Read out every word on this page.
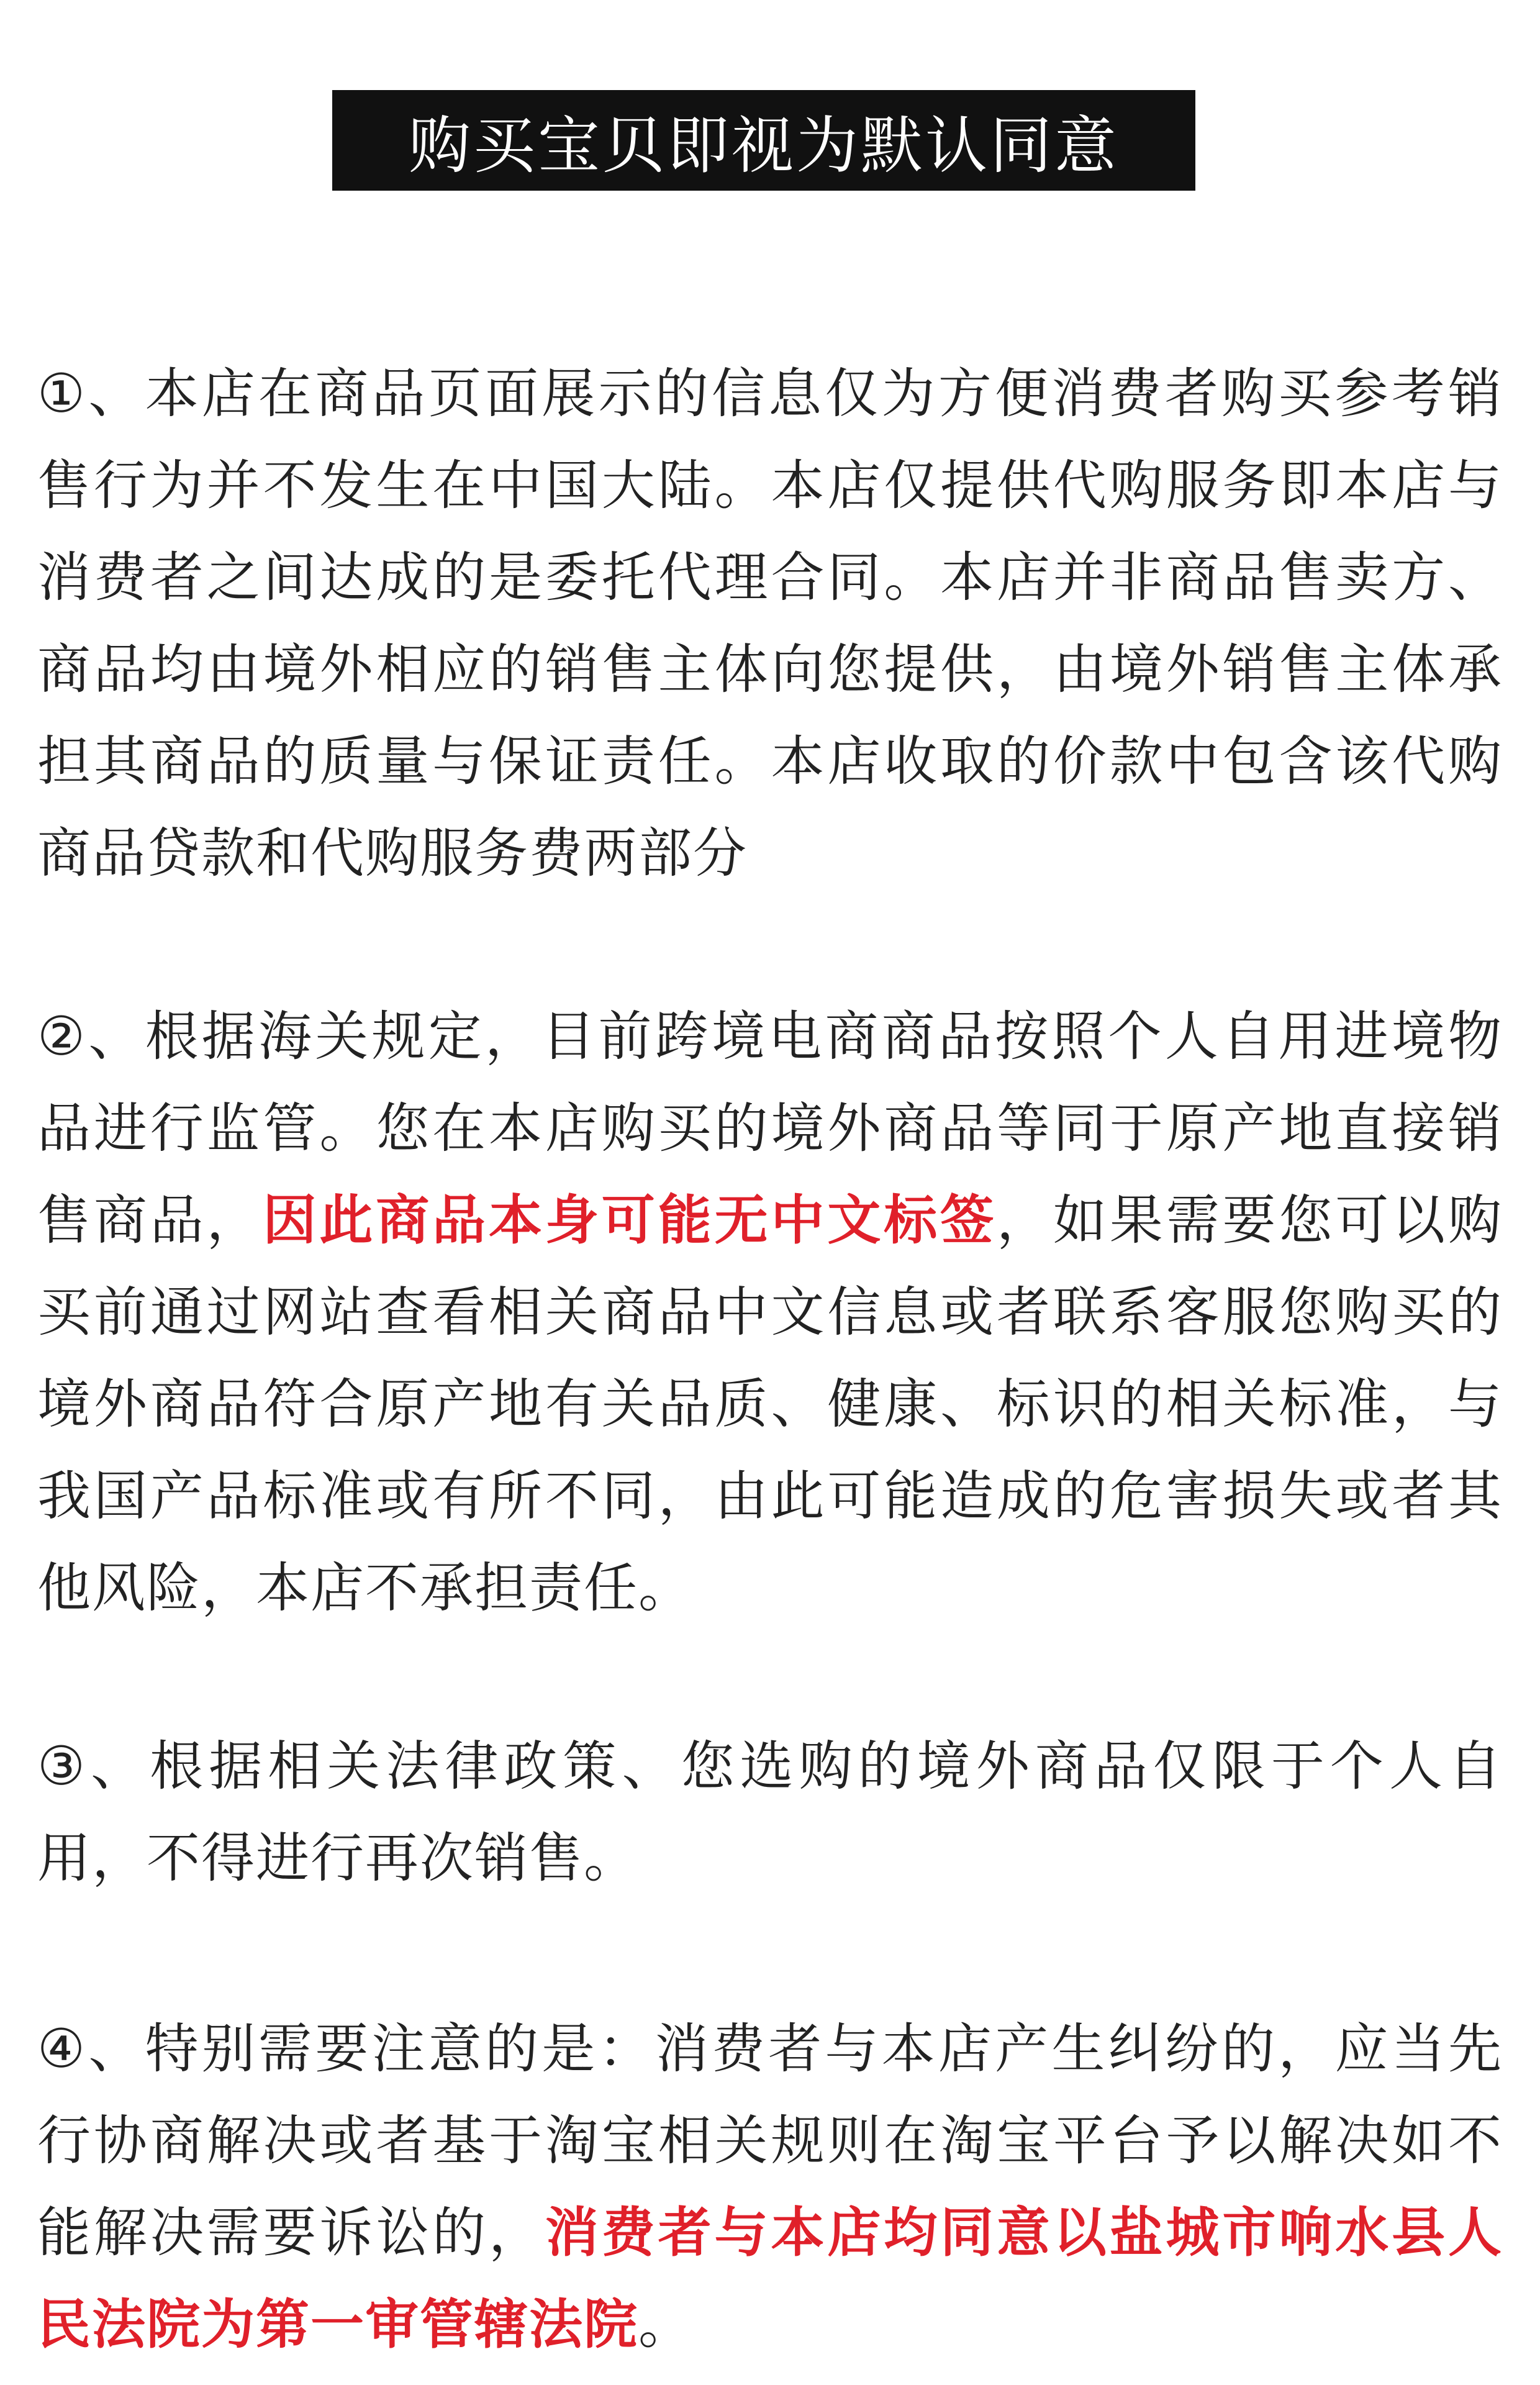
购买宝贝即视为默认同意

①、本店在商品页面展示的信息仅为方便消费者购买参考销售行为并不发生在中国大陆。本店仅提供代购服务即本店与消费者之间达成的是委托代理合同。本店并非商品售卖方、商品均由境外相应的销售主体向您提供，由境外销售主体承担其商品的质量与保证责任。本店收取的价款中包含该代购商品贷款和代购服务费两部分

②、根据海关规定，目前跨境电商商品按照个人自用进境物品进行监管。您在本店购买的境外商品等同于原产地直接销售商品，因此商品本身可能无中文标签，如果需要您可以购买前通过网站查看相关商品中文信息或者联系客服您购买的境外商品符合原产地有关品质、健康、标识的相关标准，与我国产品标准或有所不同，由此可能造成的危害损失或者其他风险，本店不承担责任。

③、根据相关法律政策、您选购的境外商品仅限于个人自用，不得进行再次销售。

④、特别需要注意的是：消费者与本店产生纠纷的，应当先行协商解决或者基于淘宝相关规则在淘宝平台予以解决如不能解决需要诉讼的，消费者与本店均同意以盐城市响水县人民法院为第一审管辖法院。
